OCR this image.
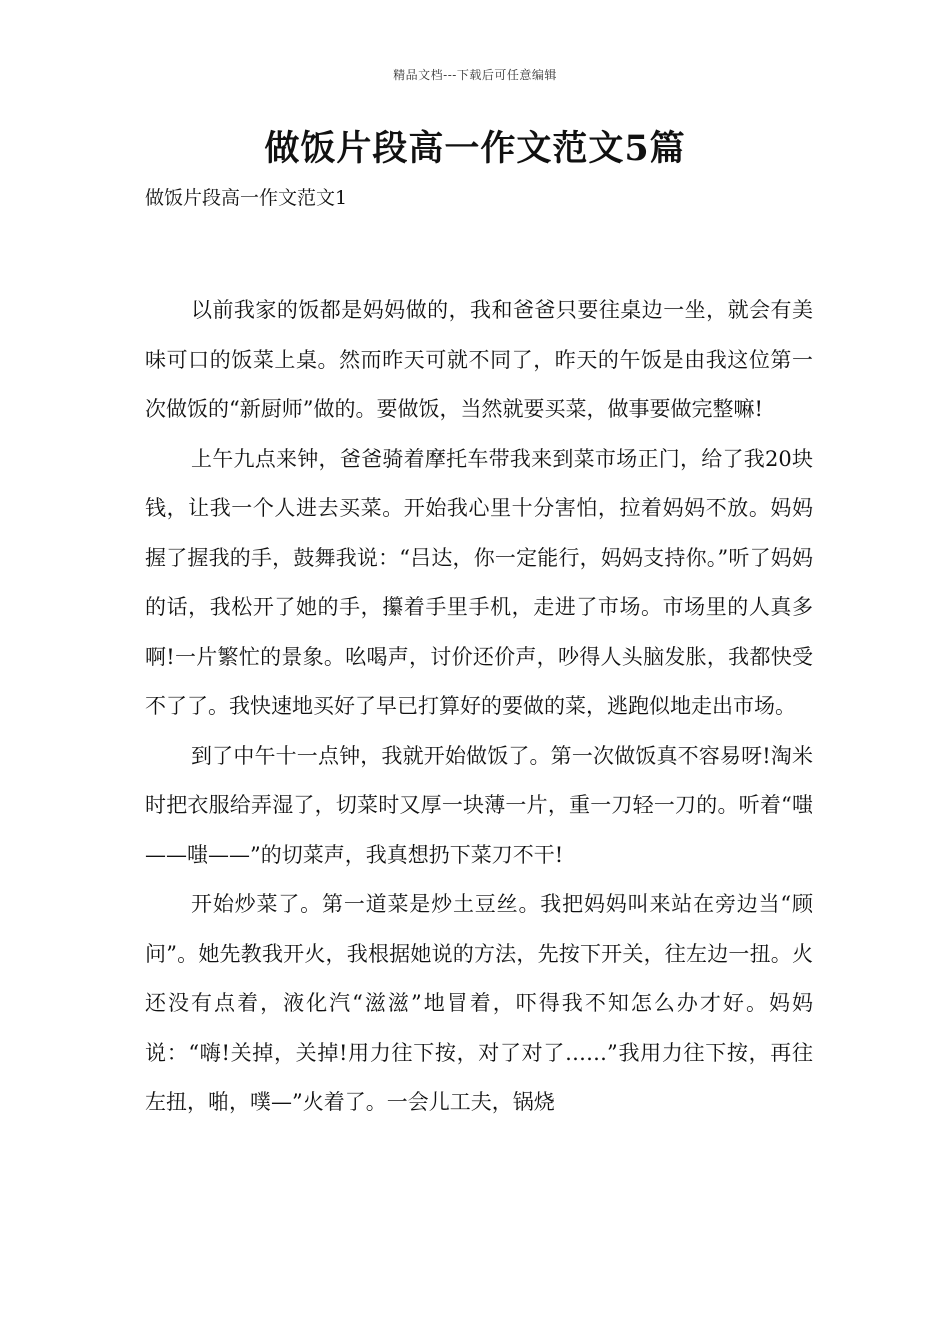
精品文档---下载后可任意编辑
做饭片段高一作文范文5篇
做饭片段高一作文范文1

以前我家的饭都是妈妈做的，我和爸爸只要往桌边一坐，就会有美味可口的饭菜上桌。然而昨天可就不同了，昨天的午饭是由我这位第一次做饭的“新厨师”做的。要做饭，当然就要买菜，做事要做完整嘛!

上午九点来钟，爸爸骑着摩托车带我来到菜市场正门，给了我20块钱，让我一个人进去买菜。开始我心里十分害怕，拉着妈妈不放。妈妈握了握我的手，鼓舞我说：“吕达，你一定能行，妈妈支持你。”听了妈妈的话，我松开了她的手，攥着手里手机，走进了市场。市场里的人真多啊!一片繁忙的景象。吆喝声，讨价还价声，吵得人头脑发胀，我都快受不了了。我快速地买好了早已打算好的要做的菜，逃跑似地走出市场。

到了中午十一点钟，我就开始做饭了。第一次做饭真不容易呀!淘米时把衣服给弄湿了，切菜时又厚一块薄一片，重一刀轻一刀的。听着“嗤——嗤——”的切菜声，我真想扔下菜刀不干!

开始炒菜了。第一道菜是炒土豆丝。我把妈妈叫来站在旁边当“顾问”。她先教我开火，我根据她说的方法，先按下开关，往左边一扭。火还没有点着，液化汽“滋滋”地冒着，吓得我不知怎么办才好。妈妈说：“嗨!关掉，关掉!用力往下按，对了对了……”我用力往下按，再往左扭，啪，噗—”火着了。一会儿工夫，锅烧
